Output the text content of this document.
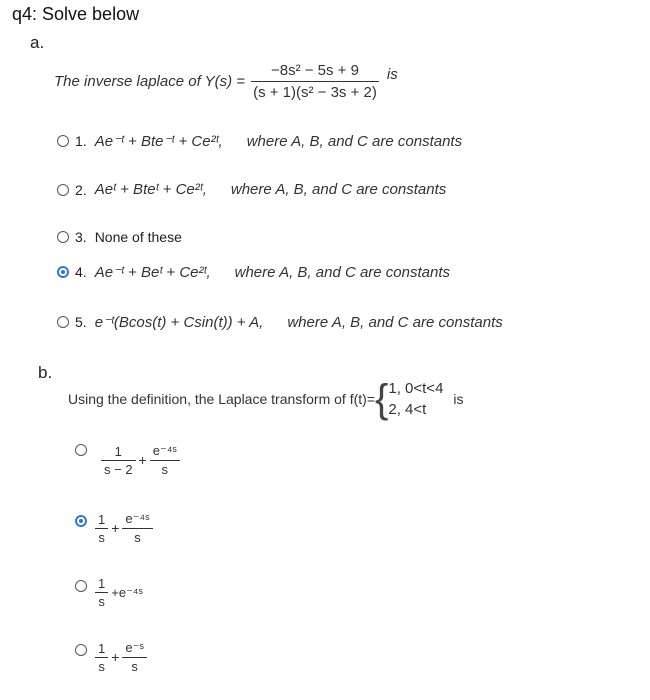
q4: Solve below
a.
The inverse laplace of $Y(s) = \frac{\text{−8s² − 5s + 9}}{\text{(s + 1)(s² − 3s + 2)}}$ is
1. Ae⁻ᵗ + Bte⁻ᵗ + Ce²ᵗ, where A, B, and C are constants
2. Aeᵗ + Bteᵗ + Ce²ᵗ, where A, B, and C are constants
3. None of these
4. Ae⁻ᵗ + Beᵗ + Ce²ᵗ, where A, B, and C are constants
5. e⁻ᵗ(Bcos(t) + Csin(t)) + A, where A, B, and C are constants
b.
Using the definition, the Laplace transform of f(t)= { 1, 0<t<4
2, 4<t
is
$\frac{1}{s - 2} + \frac{\text{e⁻⁴ˢ}}{s}$
$\frac{1}{s} + \frac{\text{e⁻⁴ˢ}}{s}$
$\frac{1}{s}$ +e⁻⁴ˢ
$\frac{1}{s} + \frac{\text{e⁻ˢ}}{s}$
